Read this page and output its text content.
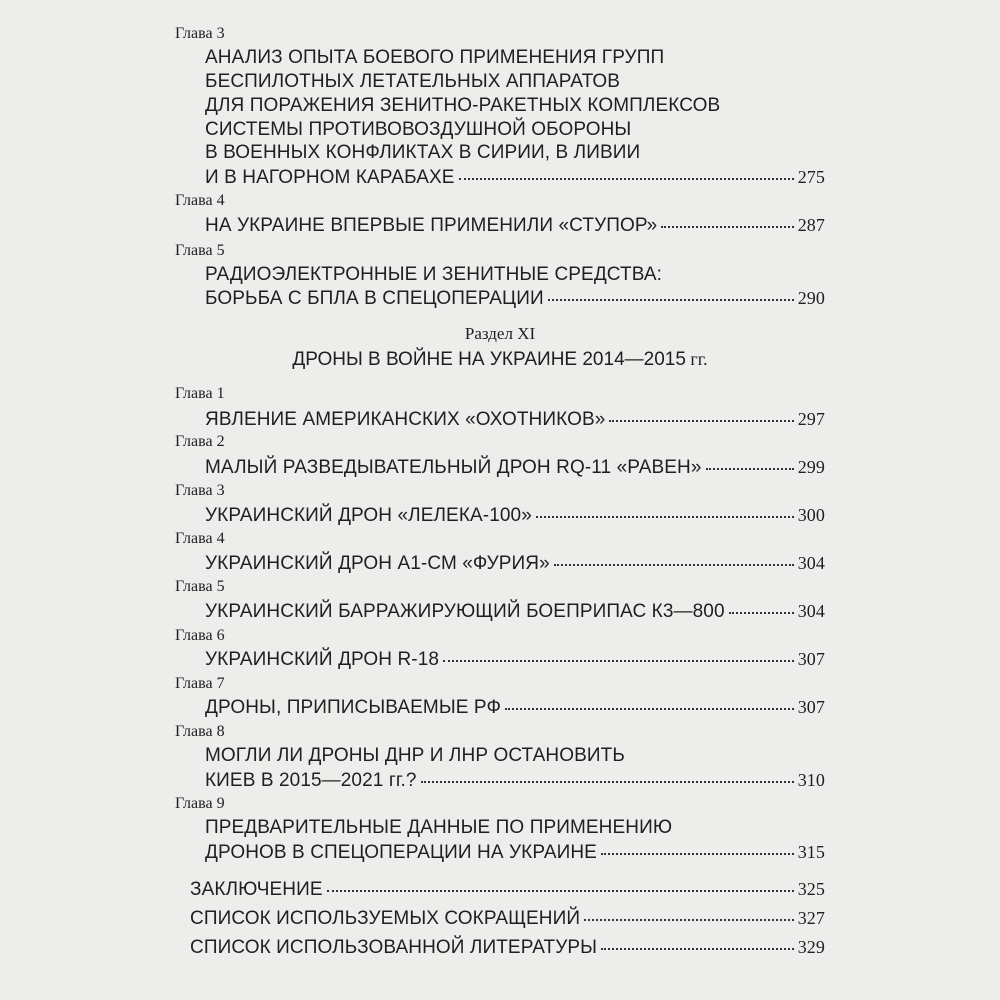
Глава 3
АНАЛИЗ ОПЫТА БОЕВОГО ПРИМЕНЕНИЯ ГРУПП
БЕСПИЛОТНЫХ ЛЕТАТЕЛЬНЫХ АППАРАТОВ
ДЛЯ ПОРАЖЕНИЯ ЗЕНИТНО-РАКЕТНЫХ КОМПЛЕКСОВ
СИСТЕМЫ ПРОТИВОВОЗДУШНОЙ ОБОРОНЫ
В ВОЕННЫХ КОНФЛИКТАХ В СИРИИ, В ЛИВИИ
И В НАГОРНОМ КАРАБАХЕ	275
Глава 4
НА УКРАИНЕ ВПЕРВЫЕ ПРИМЕНИЛИ «СТУПОР»	287
Глава 5
РАДИОЭЛЕКТРОННЫЕ И ЗЕНИТНЫЕ СРЕДСТВА:
БОРЬБА С БПЛА В СПЕЦОПЕРАЦИИ	290
Раздел XI
ДРОНЫ В ВОЙНЕ НА УКРАИНЕ 2014—2015 гг.
Глава 1
ЯВЛЕНИЕ АМЕРИКАНСКИХ «ОХОТНИКОВ»	297
Глава 2
МАЛЫЙ РАЗВЕДЫВАТЕЛЬНЫЙ ДРОН RQ-11 «РАВЕН»	299
Глава 3
УКРАИНСКИЙ ДРОН «ЛЕЛЕКА-100»	300
Глава 4
УКРАИНСКИЙ ДРОН А1-СМ «ФУРИЯ»	304
Глава 5
УКРАИНСКИЙ БАРРАЖИРУЮЩИЙ БОЕПРИПАС К3—800	304
Глава 6
УКРАИНСКИЙ ДРОН R-18	307
Глава 7
ДРОНЫ, ПРИПИСЫВАЕМЫЕ РФ	307
Глава 8
МОГЛИ ЛИ ДРОНЫ ДНР И ЛНР ОСТАНОВИТЬ
КИЕВ В 2015—2021 гг.?	310
Глава 9
ПРЕДВАРИТЕЛЬНЫЕ ДАННЫЕ ПО ПРИМЕНЕНИЮ
ДРОНОВ В СПЕЦОПЕРАЦИИ НА УКРАИНЕ	315
ЗАКЛЮЧЕНИЕ	325
СПИСОК ИСПОЛЬЗУЕМЫХ СОКРАЩЕНИЙ	327
СПИСОК ИСПОЛЬЗОВАННОЙ ЛИТЕРАТУРЫ	329
